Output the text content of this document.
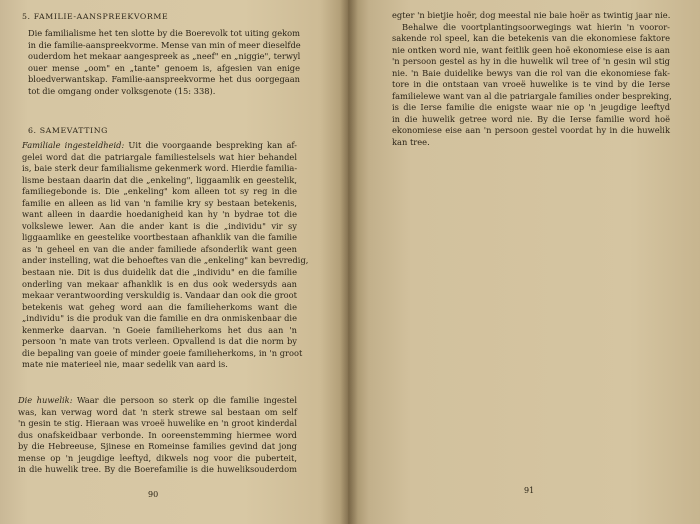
5. FAMILIE-AANSPREEKVORME
Die familialisme het ten slotte by die Boerevolk tot uiting gekom
in die familie-aanspreekvorme. Mense van min of meer dieselfde
ouderdom het mekaar aangespreek as „neef" en „niggie", terwyl
ouer mense „oom" en „tante" genoem is, afgesien van enige
bloedverwantskap. Familie-aanspreekvorme het dus oorgegaan
tot die omgang onder volksgenote (15: 338).
6. SAMEVATTING
Familiale ingesteldheid: Uit die voorgaande bespreking kan af-
gelei word dat die patriargale familiestelsels wat hier behandel
is, baie sterk deur familialisme gekenmerk word. Hierdie familia-
lisme bestaan daarin dat die „enkeling", liggaamlik en geestelik,
familiegebonde is. Die „enkeling" kom alleen tot sy reg in die
familie en alleen as lid van 'n familie kry sy bestaan betekenis,
want alleen in daardie hoedanigheid kan hy 'n bydrae tot die
volkslewe lewer. Aan die ander kant is die „individu" vir sy
liggaamlike en geestelike voortbestaan afhanklik van die familie
as 'n geheel en van die ander familiede afsonderlik want geen
ander instelling, wat die behoeftes van die „enkeling" kan bevredig,
bestaan nie. Dit is dus duidelik dat die „individu" en die familie
onderling van mekaar afhanklik is en dus ook wedersyds aan
mekaar verantwoording verskuldig is. Vandaar dan ook die groot
betekenis wat geheg word aan die familieherkoms want die
„individu" is die produk van die familie en dra onmiskenbaar die
kenmerke daarvan. 'n Goeie familieherkoms het dus aan 'n
persoon 'n mate van trots verleen. Opvallend is dat die norm by
die bepaling van goeie of minder goeie familieherkoms, in 'n groot
mate nie materieel nie, maar sedelik van aard is.
Die huwelik: Waar die persoon so sterk op die familie ingestel
was, kan verwag word dat 'n sterk strewe sal bestaan om self
'n gesin te stig. Hieraan was vroeë huwelike en 'n groot kinderdal
dus onafskeidbaar verbonde. In ooreenstemming hiermee word
by die Hebreeuse, Sjinese en Romeinse families gevind dat jong
mense op 'n jeugdige leeftyd, dikwels nog voor die puberteit,
in die huwelik tree. By die Boerefamilie is die huweliksouderdom
90
egter 'n bietjie hoër, dog meestal nie baie hoër as twintig jaar nie.
Behalwe die voortplantingsoorwegings wat hierin 'n vooror-
sakende rol speel, kan die betekenis van die ekonomiese faktore
nie ontken word nie, want feitlik geen hoë ekonomiese eise is aan
'n persoon gestel as hy in die huwelik wil tree of 'n gesin wil stig
nie. 'n Baie duidelike bewys van die rol van die ekonomiese fak-
tore in die ontstaan van vroeë huwelike is te vind by die Ierse
familielewe want van al die patriargale families onder bespreking,
is die Ierse familie die enigste waar nie op 'n jeugdige leeftyd
in die huwelik getree word nie. By die Ierse familie word hoë
ekonomiese eise aan 'n persoon gestel voordat hy in die huwelik
kan tree.
91
